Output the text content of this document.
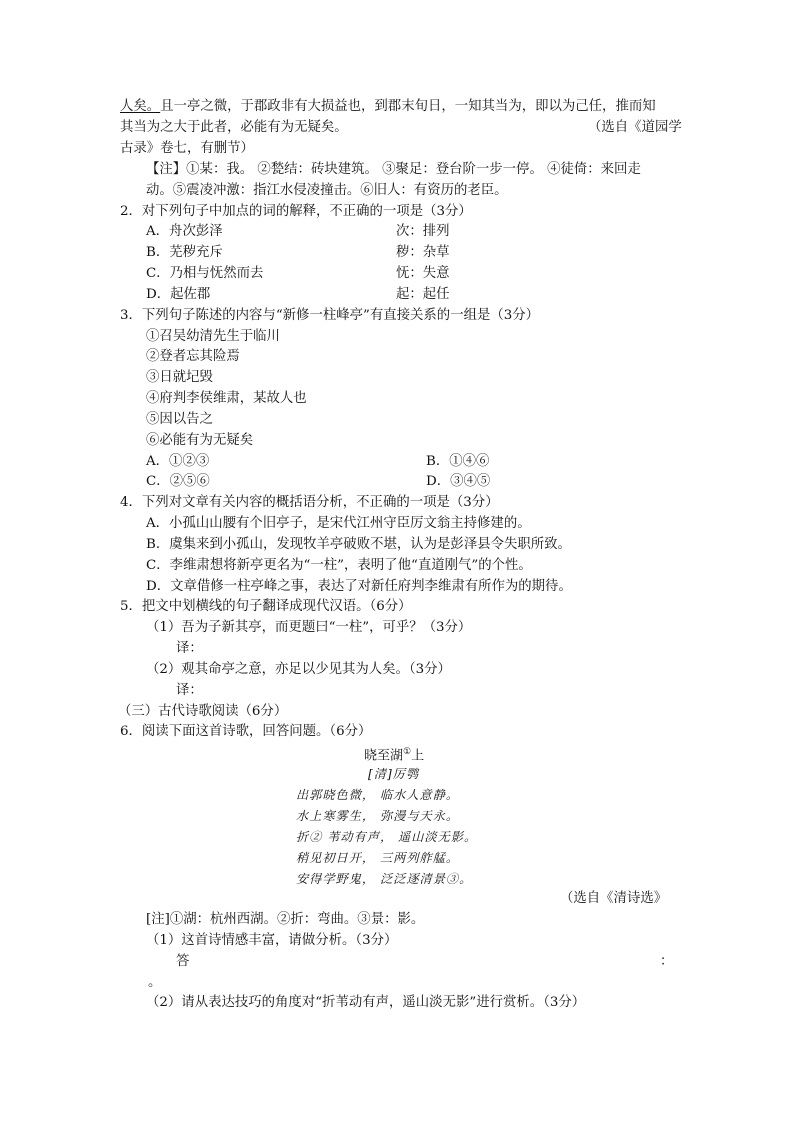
人矣。且一亭之微，于郡政非有大损益也，到郡末旬日，一知其当为，即以为己任，推而知
其当为之大于此者，必能有为无疑矣。	（选自《道园学
古录》卷七，有删节）
【注】①某：我。 ②甃结：砖块建筑。 ③聚足：登台阶一步一停。 ④徒倚：来回走
动。⑤震凌冲激：指江水侵凌撞击。⑥旧人：有资历的老臣。
2．对下列句子中加点的词的解释，不正确的一项是（3分）
A．舟次彭泽	次：排列
B．芜秽充斥	秽：杂草
C．乃相与怃然而去	怃：失意
D．起佐郡	起：起任
3．下列句子陈述的内容与“新修一柱峰亭”有直接关系的一组是（3分）
①召吴幼清先生于临川
②登者忘其险焉
③日就圮毁
④府判李侯维肃，某故人也
⑤因以告之
⑥必能有为无疑矣
A．①②③	B．①④⑥
C．②⑤⑥	D．③④⑤
4．下列对文章有关内容的概括语分析，不正确的一项是（3分）
A．小孤山山腰有个旧亭子，是宋代江州守臣厉文翁主持修建的。
B．虞集来到小孤山，发现牧羊亭破败不堪，认为是彭泽县令失职所致。
C．李维肃想将新亭更名为“一柱”，表明了他“直道刚气”的个性。
D．文章借修一柱亭峰之事，表达了对新任府判李维肃有所作为的期待。
5．把文中划横线的句子翻译成现代汉语。（6分）
（1）吾为子新其亭，而更题曰“一柱”，可乎？（3分）
译：
（2）观其命亭之意，亦足以少见其为人矣。（3分）
译：
（三）古代诗歌阅读（6分）
6．阅读下面这首诗歌，回答问题。（6分）
晓至湖①上
[清]厉鹗
出郭晓色微， 临水人意静。
水上寒雾生， 弥漫与天永。
折② 苇动有声， 遥山淡无影。
稍见初日开， 三两列舴艋。
安得学野鬼， 泛泛逐清景③。
（选自《清诗选》
[注]①湖：杭州西湖。②折：弯曲。③景：影。
（1）这首诗情感丰富，请做分析。（3分）
答	：
。
（2）请从表达技巧的角度对“折苇动有声，遥山淡无影”进行赏析。（3分）
